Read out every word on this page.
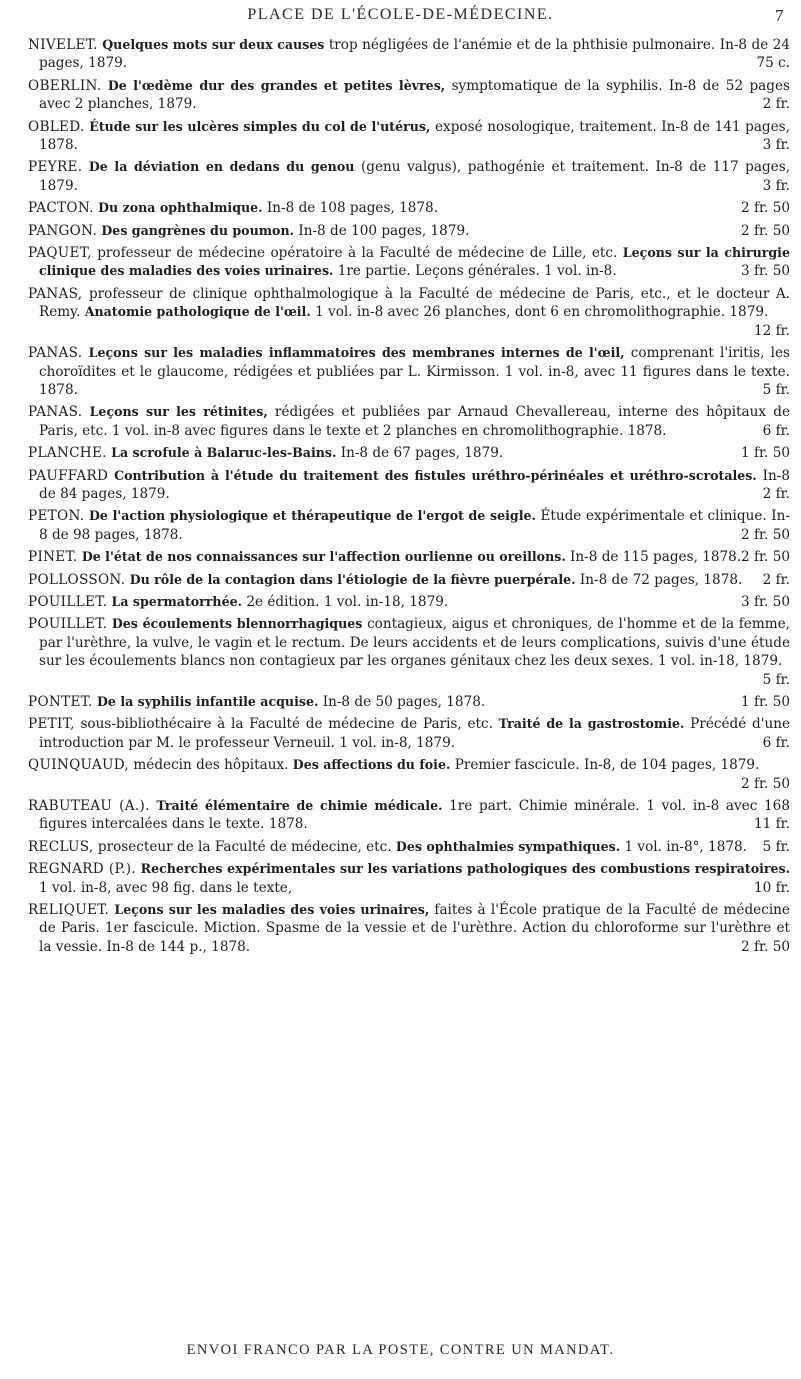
PLACE DE L'ÉCOLE-DE-MÉDECINE.	7
NIVELET. Quelques mots sur deux causes trop négligées de l'anémie et de la phthisie pulmonaire. In-8 de 24 pages, 1879.	75 c.
OBERLIN. De l'œdème dur des grandes et petites lèvres, symptomatique de la syphilis. In-8 de 52 pages avec 2 planches, 1879.	2 fr.
OBLED. Étude sur les ulcères simples du col de l'utérus, exposé nosologique, traitement. In-8 de 141 pages, 1878.	3 fr.
PEYRE. De la déviation en dedans du genou (genu valgus), pathogénie et traitement. In-8 de 117 pages, 1879.	3 fr.
PACTON. Du zona ophthalmique. In-8 de 108 pages, 1878.	2 fr. 50
PANGON. Des gangrènes du poumon. In-8 de 100 pages, 1879.	2 fr. 50
PAQUET, professeur de médecine opératoire à la Faculté de médecine de Lille, etc. Leçons sur la chirurgie clinique des maladies des voies urinaires. 1re partie. Leçons générales. 1 vol. in-8.	3 fr. 50
PANAS, professeur de clinique ophthalmologique à la Faculté de médecine de Paris, etc., et le docteur A. Remy. Anatomie pathologique de l'œil. 1 vol. in-8 avec 26 planches, dont 6 en chromolithographie. 1879.
12 fr.
PANAS. Leçons sur les maladies inflammatoires des membranes internes de l'œil, comprenant l'iritis, les choroïdites et le glaucome, rédigées et publiées par L. Kirmisson. 1 vol. in-8, avec 11 figures dans le texte. 1878.	5 fr.
PANAS. Leçons sur les rétinites, rédigées et publiées par Arnaud Chevallereau, interne des hôpitaux de Paris, etc. 1 vol. in-8 avec figures dans le texte et 2 planches en chromolithographie. 1878.	6 fr.
PLANCHE. La scrofule à Balaruc-les-Bains. In-8 de 67 pages, 1879.	1 fr. 50
PAUFFARD Contribution à l'étude du traitement des fistules uréthro-périnéales et uréthro-scrotales. In-8 de 84 pages, 1879.	2 fr.
PETON. De l'action physiologique et thérapeutique de l'ergot de seigle. Étude expérimentale et clinique. In-8 de 98 pages, 1878.	2 fr. 50
PINET. De l'état de nos connaissances sur l'affection ourlienne ou oreillons. In-8 de 115 pages, 1878. 2 fr. 50
POLLOSSON. Du rôle de la contagion dans l'étiologie de la fièvre puerpérale. In-8 de 72 pages, 1878. 2 fr.
POUILLET. La spermatorrhée. 2e édition. 1 vol. in-18, 1879.	3 fr. 50
POUILLET. Des écoulements blennorrhagiques contagieux, aigus et chroniques, de l'homme et de la femme, par l'urèthre, la vulve, le vagin et le rectum. De leurs accidents et de leurs complications, suivis d'une étude sur les écoulements blancs non contagieux par les organes génitaux chez les deux sexes. 1 vol. in-18, 1879.
5 fr.
PONTET. De la syphilis infantile acquise. In-8 de 50 pages, 1878.	1 fr. 50
PETIT, sous-bibliothécaire à la Faculté de médecine de Paris, etc. Traité de la gastrostomie. Précédé d'une introduction par M. le professeur Verneuil. 1 vol. in-8, 1879.	6 fr.
QUINQUAUD, médecin des hôpitaux. Des affections du foie. Premier fascicule. In-8, de 104 pages, 1879.
2 fr. 50
RABUTEAU (A.). Traité élémentaire de chimie médicale. 1re part. Chimie minérale. 1 vol. in-8 avec 168 figures intercalées dans le texte. 1878.	11 fr.
RECLUS, prosecteur de la Faculté de médecine, etc. Des ophthalmies sympathiques. 1 vol. in-8°, 1878. 5 fr.
REGNARD (P.). Recherches expérimentales sur les variations pathologiques des combustions respiratoires. 1 vol. in-8, avec 98 fig. dans le texte,	10 fr.
RELIQUET. Leçons sur les maladies des voies urinaires, faites à l'École pratique de la Faculté de médecine de Paris. 1er fascicule. Miction. Spasme de la vessie et de l'urèthre. Action du chloroforme sur l'urèthre et la vessie. In-8 de 144 p., 1878.	2 fr. 50
ENVOI FRANCO PAR LA POSTE, CONTRE UN MANDAT.
